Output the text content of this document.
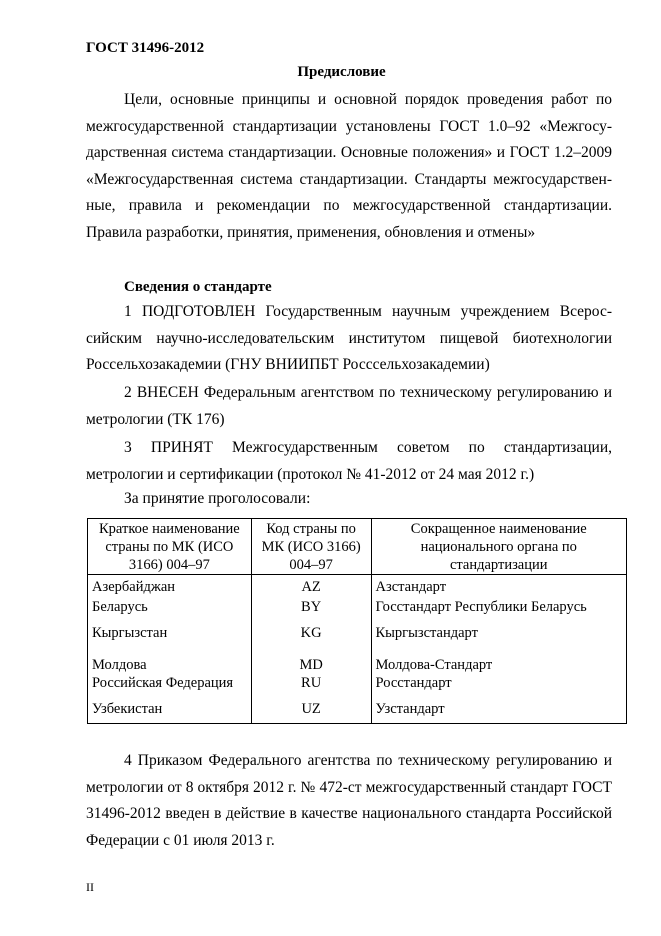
ГОСТ 31496-2012
Предисловие
Цели, основные принципы и основной порядок проведения работ по межгосударственной стандартизации установлены ГОСТ 1.0–92 «Межгосударственная система стандартизации. Основные положения» и ГОСТ 1.2–2009 «Межгосударственная система стандартизации. Стандарты межгосударственные, правила и рекомендации по межгосударственной стандартизации. Правила разработки, принятия, применения, обновления и отмены»
Сведения о стандарте
1 ПОДГОТОВЛЕН Государственным научным учреждением Всероссийским научно-исследовательским институтом пищевой биотехнологии Россельхозакадемии (ГНУ ВНИИПБТ Росссельхозакадемии)
2 ВНЕСЕН Федеральным агентством по техническому регулированию и метрологии (ТК 176)
3 ПРИНЯТ Межгосударственным советом по стандартизации, метрологии и сертификации (протокол № 41-2012 от 24 мая 2012 г.)
За принятие проголосовали:
Краткое наименование страны по МК (ИСО 3166) 004–97	Код страны по МК (ИСО 3166) 004–97	Сокращенное наименование национального органа по стандартизации
Азербайджан	AZ	Азстандарт
Беларусь	BY	Госстандарт Республики Беларусь
Кыргызстан	KG	Кыргызстандарт
Молдова	MD	Молдова-Стандарт
Российская Федерация	RU	Росстандарт
Узбекистан	UZ	Узстандарт
4 Приказом Федерального агентства по техническому регулированию и метрологии от 8 октября 2012 г. № 472-ст межгосударственный стандарт ГОСТ 31496-2012 введен в действие в качестве национального стандарта Российской Федерации с 01 июля 2013 г.
II
